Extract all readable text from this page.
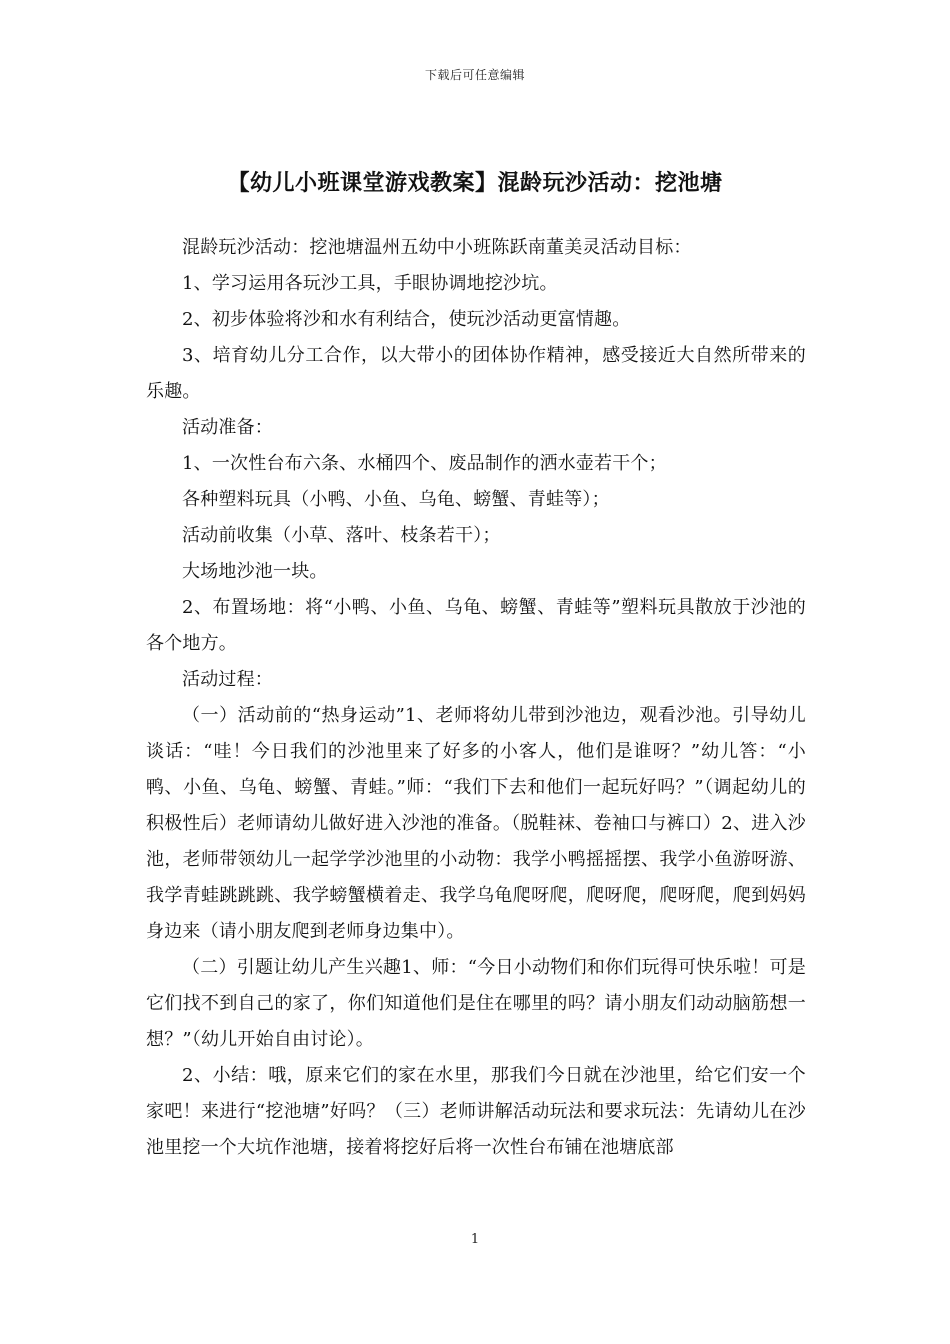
下载后可任意编辑
【幼儿小班课堂游戏教案】混龄玩沙活动：挖池塘

混龄玩沙活动：挖池塘温州五幼中小班陈跃南董美灵活动目标：

1、学习运用各玩沙工具，手眼协调地挖沙坑。

2、初步体验将沙和水有利结合，使玩沙活动更富情趣。

3、培育幼儿分工合作，以大带小的团体协作精神，感受接近大自然所带来的乐趣。

活动准备：

1、一次性台布六条、水桶四个、废品制作的洒水壶若干个；

各种塑料玩具（小鸭、小鱼、乌龟、螃蟹、青蛙等）；

活动前收集（小草、落叶、枝条若干）；

大场地沙池一块。

2、布置场地：将“小鸭、小鱼、乌龟、螃蟹、青蛙等”塑料玩具散放于沙池的各个地方。

活动过程：

（一）活动前的“热身运动”1、老师将幼儿带到沙池边，观看沙池。引导幼儿谈话：“哇！今日我们的沙池里来了好多的小客人，他们是谁呀？”幼儿答：“小鸭、小鱼、乌龟、螃蟹、青蛙。”师：“我们下去和他们一起玩好吗？”（调起幼儿的积极性后）老师请幼儿做好进入沙池的准备。（脱鞋袜、卷袖口与裤口）2、进入沙池，老师带领幼儿一起学学沙池里的小动物：我学小鸭摇摇摆、我学小鱼游呀游、我学青蛙跳跳跳、我学螃蟹横着走、我学乌龟爬呀爬，爬呀爬，爬呀爬，爬到妈妈身边来（请小朋友爬到老师身边集中）。

（二）引题让幼儿产生兴趣1、师：“今日小动物们和你们玩得可快乐啦！可是它们找不到自己的家了，你们知道他们是住在哪里的吗？请小朋友们动动脑筋想一想？”（幼儿开始自由讨论）。

2、小结：哦，原来它们的家在水里，那我们今日就在沙池里，给它们安一个家吧！来进行“挖池塘”好吗？（三）老师讲解活动玩法和要求玩法：先请幼儿在沙池里挖一个大坑作池塘，接着将挖好后将一次性台布铺在池塘底部

1
